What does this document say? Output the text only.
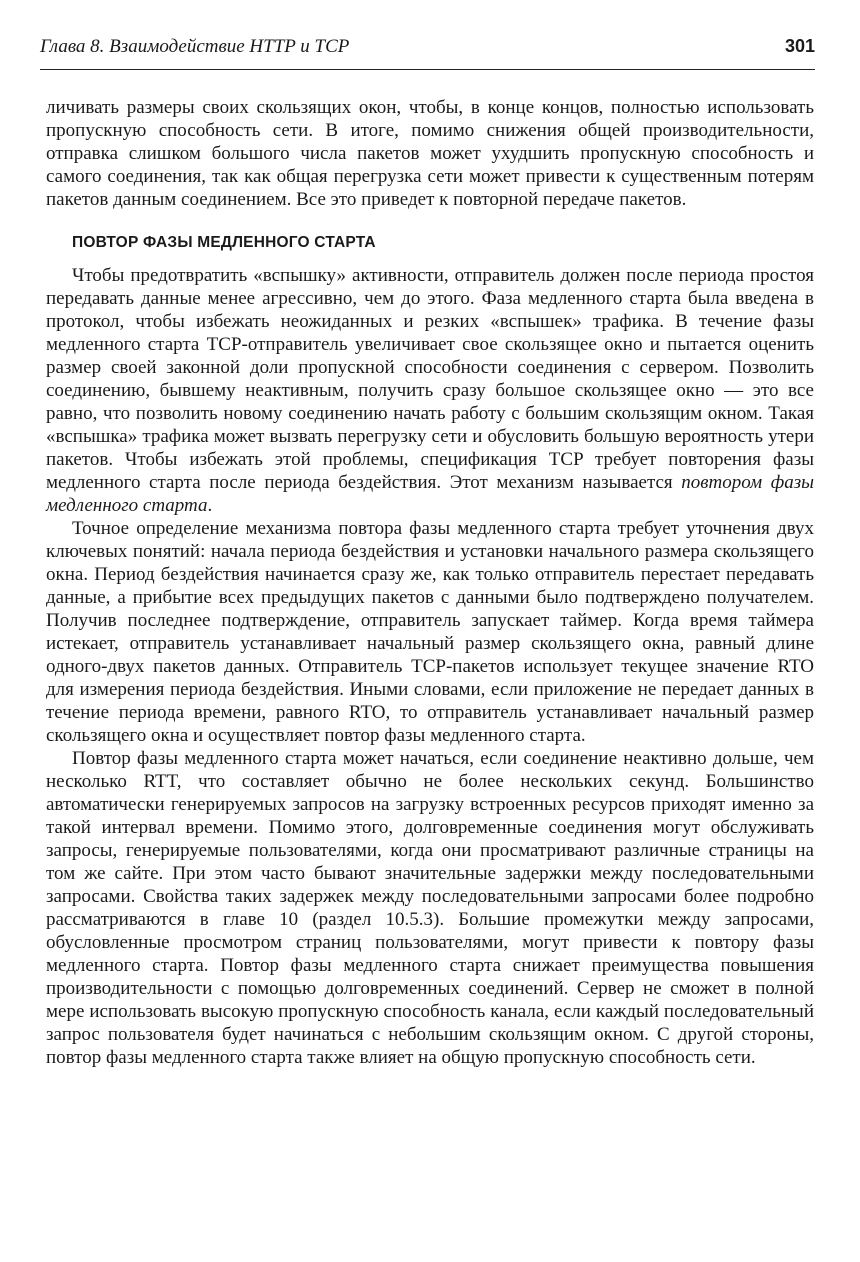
Глава 8. Взаимодействие HTTP и TCP	301

личивать размеры своих скользящих окон, чтобы, в конце концов, полностью использовать пропускную способность сети. В итоге, помимо снижения общей производительности, отправка слишком большого числа пакетов может ухудшить пропускную способность и самого соединения, так как общая перегрузка сети может привести к существенным потерям пакетов данным соединением. Все это приведет к повторной передаче пакетов.

ПОВТОР ФАЗЫ МЕДЛЕННОГО СТАРТА

Чтобы предотвратить «вспышку» активности, отправитель должен после периода простоя передавать данные менее агрессивно, чем до этого. Фаза медленного старта была введена в протокол, чтобы избежать неожиданных и резких «вспышек» трафика. В течение фазы медленного старта TCP-отправитель увеличивает свое скользящее окно и пытается оценить размер своей законной доли пропускной способности соединения с сервером. Позволить соединению, бывшему неактивным, получить сразу большое скользящее окно — это все равно, что позволить новому соединению начать работу с большим скользящим окном. Такая «вспышка» трафика может вызвать перегрузку сети и обусловить большую вероятность утери пакетов. Чтобы избежать этой проблемы, спецификация TCP требует повторения фазы медленного старта после периода бездействия. Этот механизм называется повтором фазы медленного старта.

Точное определение механизма повтора фазы медленного старта требует уточнения двух ключевых понятий: начала периода бездействия и установки начального размера скользящего окна. Период бездействия начинается сразу же, как только отправитель перестает передавать данные, а прибытие всех предыдущих пакетов с данными было подтверждено получателем. Получив последнее подтверждение, отправитель запускает таймер. Когда время таймера истекает, отправитель устанавливает начальный размер скользящего окна, равный длине одного-двух пакетов данных. Отправитель TCP-пакетов использует текущее значение RTO для измерения периода бездействия. Иными словами, если приложение не передает данных в течение периода времени, равного RTO, то отправитель устанавливает начальный размер скользящего окна и осуществляет повтор фазы медленного старта.

Повтор фазы медленного старта может начаться, если соединение неактивно дольше, чем несколько RTT, что составляет обычно не более нескольких секунд. Большинство автоматически генерируемых запросов на загрузку встроенных ресурсов приходят именно за такой интервал времени. Помимо этого, долговременные соединения могут обслуживать запросы, генерируемые пользователями, когда они просматривают различные страницы на том же сайте. При этом часто бывают значительные задержки между последовательными запросами. Свойства таких задержек между последовательными запросами более подробно рассматриваются в главе 10 (раздел 10.5.3). Большие промежутки между запросами, обусловленные просмотром страниц пользователями, могут привести к повтору фазы медленного старта. Повтор фазы медленного старта снижает преимущества повышения производительности с помощью долговременных соединений. Сервер не сможет в полной мере использовать высокую пропускную способность канала, если каждый последовательный запрос пользователя будет начинаться с небольшим скользящим окном. С другой стороны, повтор фазы медленного старта также влияет на общую пропускную способность сети.
